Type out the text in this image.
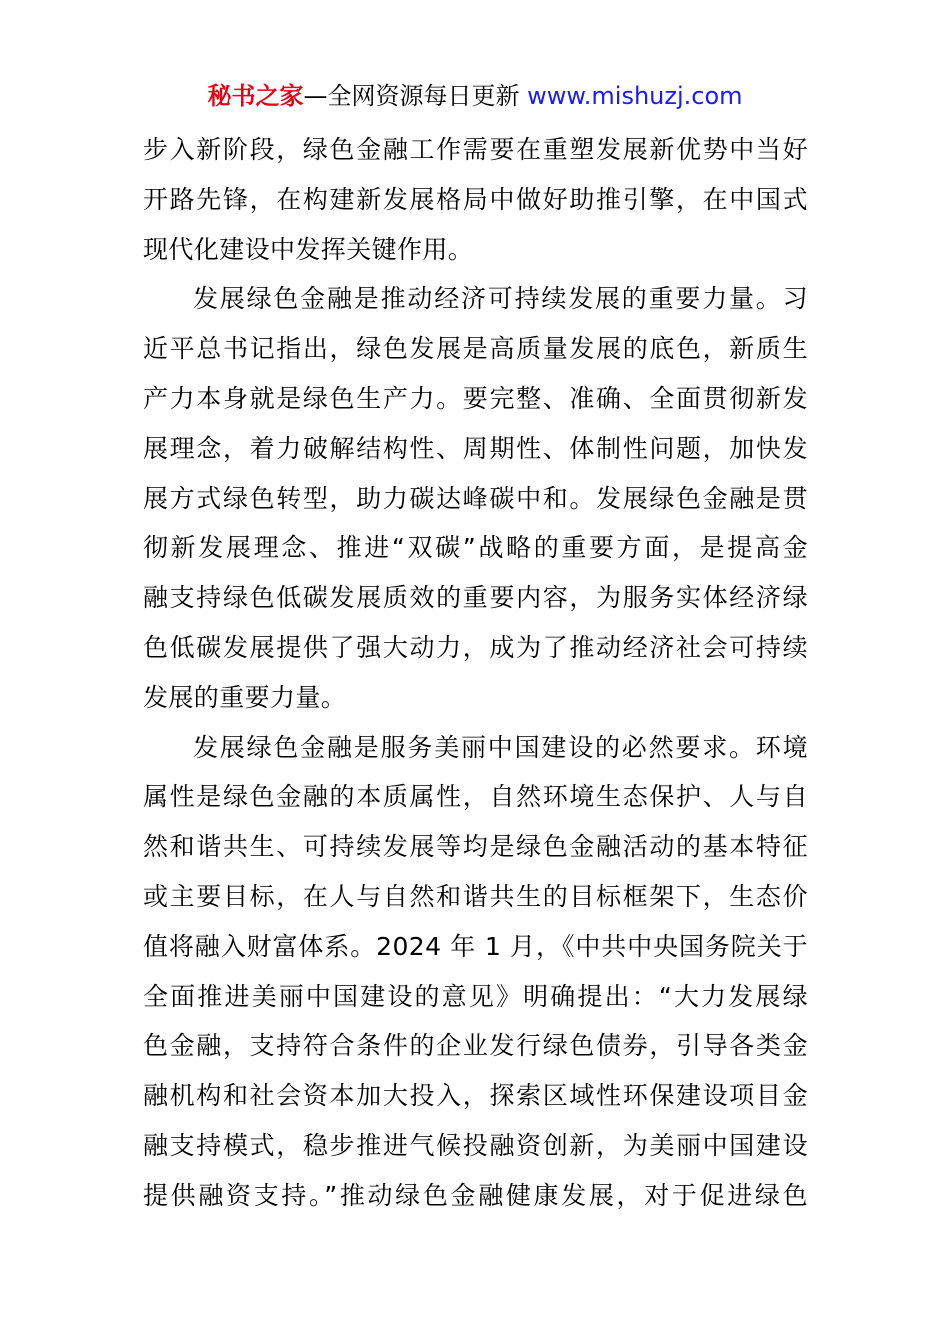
秘书之家—全网资源每日更新 www.mishuzj.com
步入新阶段，绿色金融工作需要在重塑发展新优势中当好
开路先锋，在构建新发展格局中做好助推引擎，在中国式
现代化建设中发挥关键作用。
发展绿色金融是推动经济可持续发展的重要力量。习
近平总书记指出，绿色发展是高质量发展的底色，新质生
产力本身就是绿色生产力。要完整、准确、全面贯彻新发
展理念，着力破解结构性、周期性、体制性问题，加快发
展方式绿色转型，助力碳达峰碳中和。发展绿色金融是贯
彻新发展理念、推进“双碳”战略的重要方面，是提高金
融支持绿色低碳发展质效的重要内容，为服务实体经济绿
色低碳发展提供了强大动力，成为了推动经济社会可持续
发展的重要力量。
发展绿色金融是服务美丽中国建设的必然要求。环境
属性是绿色金融的本质属性，自然环境生态保护、人与自
然和谐共生、可持续发展等均是绿色金融活动的基本特征
或主要目标，在人与自然和谐共生的目标框架下，生态价
值将融入财富体系。2024 年 1 月，《中共中央国务院关于
全面推进美丽中国建设的意见》明确提出：“大力发展绿
色金融，支持符合条件的企业发行绿色债券，引导各类金
融机构和社会资本加大投入，探索区域性环保建设项目金
融支持模式，稳步推进气候投融资创新，为美丽中国建设
提供融资支持。”推动绿色金融健康发展，对于促进绿色
